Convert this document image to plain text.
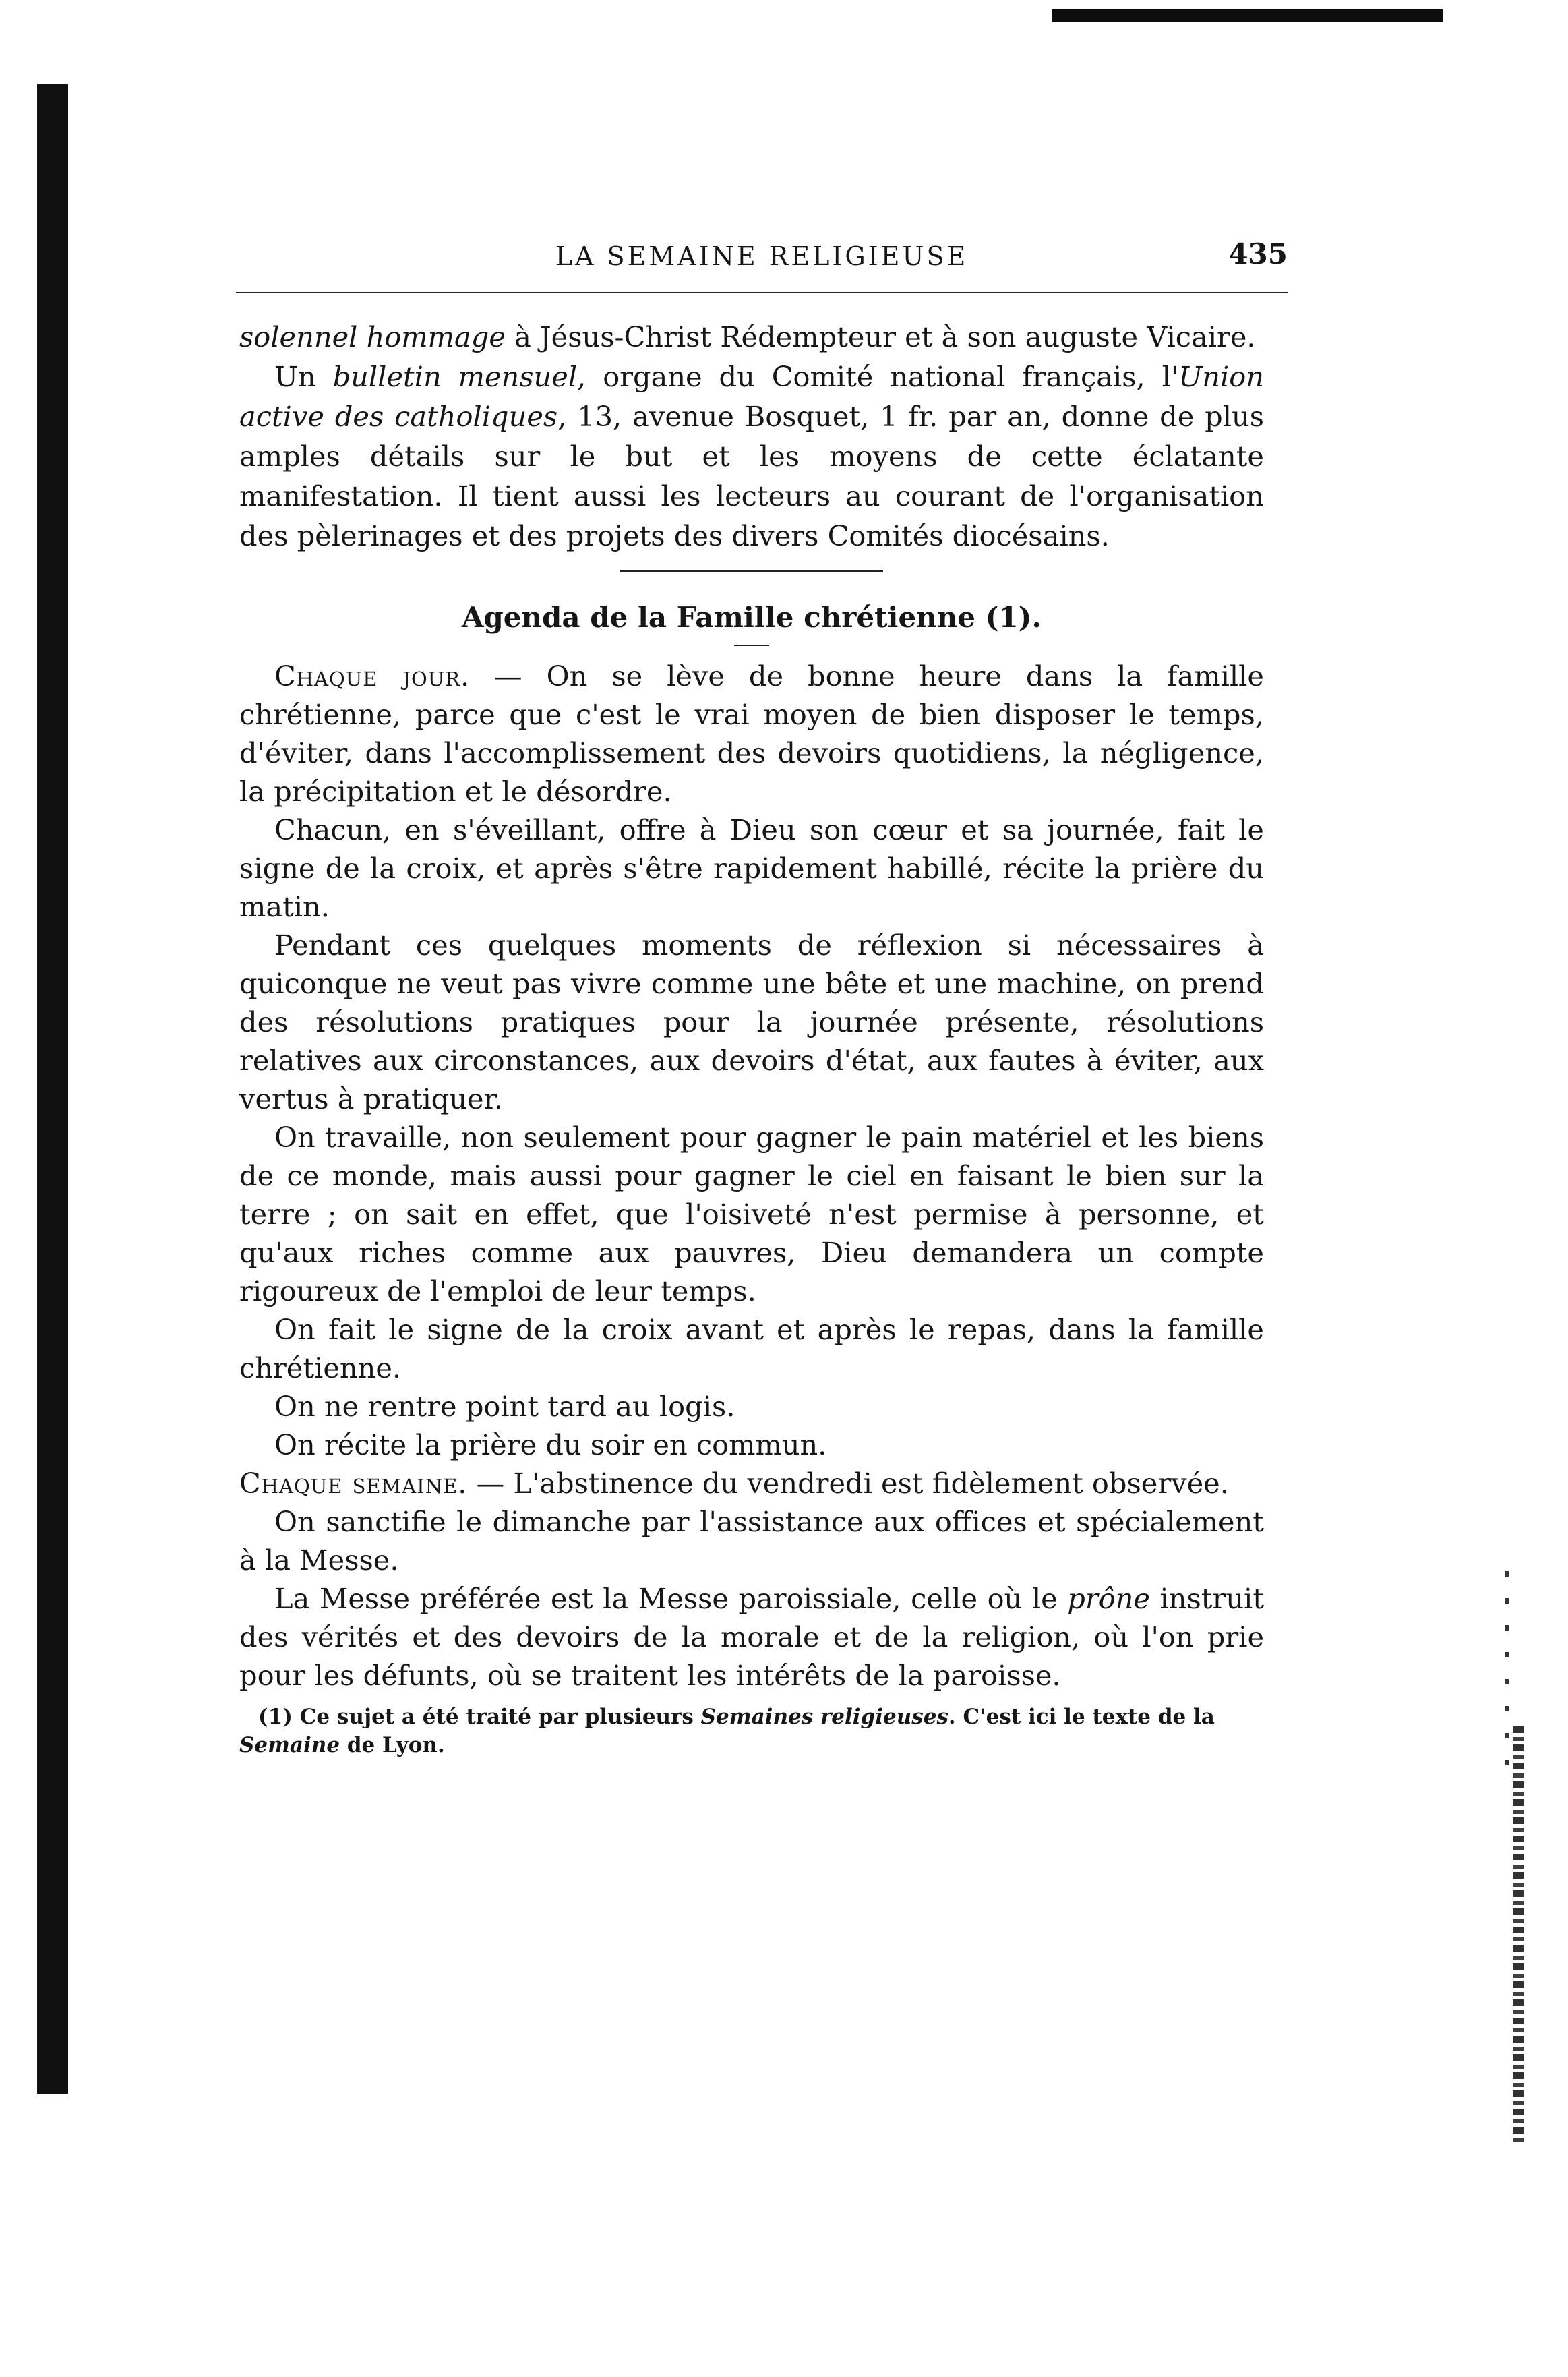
LA SEMAINE RELIGIEUSE	435

solennel hommage à Jésus-Christ Rédempteur et à son auguste Vicaire.

Un bulletin mensuel, organe du Comité national français, l'Union active des catholiques, 13, avenue Bosquet, 1 fr. par an, donne de plus amples détails sur le but et les moyens de cette éclatante manifestation. Il tient aussi les lecteurs au courant de l'organisation des pèlerinages et des projets des divers Comités diocésains.

Agenda de la Famille chrétienne (1).

Chaque jour. — On se lève de bonne heure dans la famille chrétienne, parce que c'est le vrai moyen de bien disposer le temps, d'éviter, dans l'accomplissement des devoirs quotidiens, la négligence, la précipitation et le désordre.

Chacun, en s'éveillant, offre à Dieu son cœur et sa journée, fait le signe de la croix, et après s'être rapidement habillé, récite la prière du matin.

Pendant ces quelques moments de réflexion si nécessaires à quiconque ne veut pas vivre comme une bête et une machine, on prend des résolutions pratiques pour la journée présente, résolutions relatives aux circonstances, aux devoirs d'état, aux fautes à éviter, aux vertus à pratiquer.

On travaille, non seulement pour gagner le pain matériel et les biens de ce monde, mais aussi pour gagner le ciel en faisant le bien sur la terre ; on sait en effet, que l'oisiveté n'est permise à personne, et qu'aux riches comme aux pauvres, Dieu demandera un compte rigoureux de l'emploi de leur temps.

On fait le signe de la croix avant et après le repas, dans la famille chrétienne.

On ne rentre point tard au logis.

On récite la prière du soir en commun.

Chaque semaine. — L'abstinence du vendredi est fidèlement observée.

On sanctifie le dimanche par l'assistance aux offices et spécialement à la Messe.

La Messe préférée est la Messe paroissiale, celle où le prône instruit des vérités et des devoirs de la morale et de la religion, où l'on prie pour les défunts, où se traitent les intérêts de la paroisse.

(1) Ce sujet a été traité par plusieurs Semaines religieuses. C'est ici le texte de la Semaine de Lyon.
